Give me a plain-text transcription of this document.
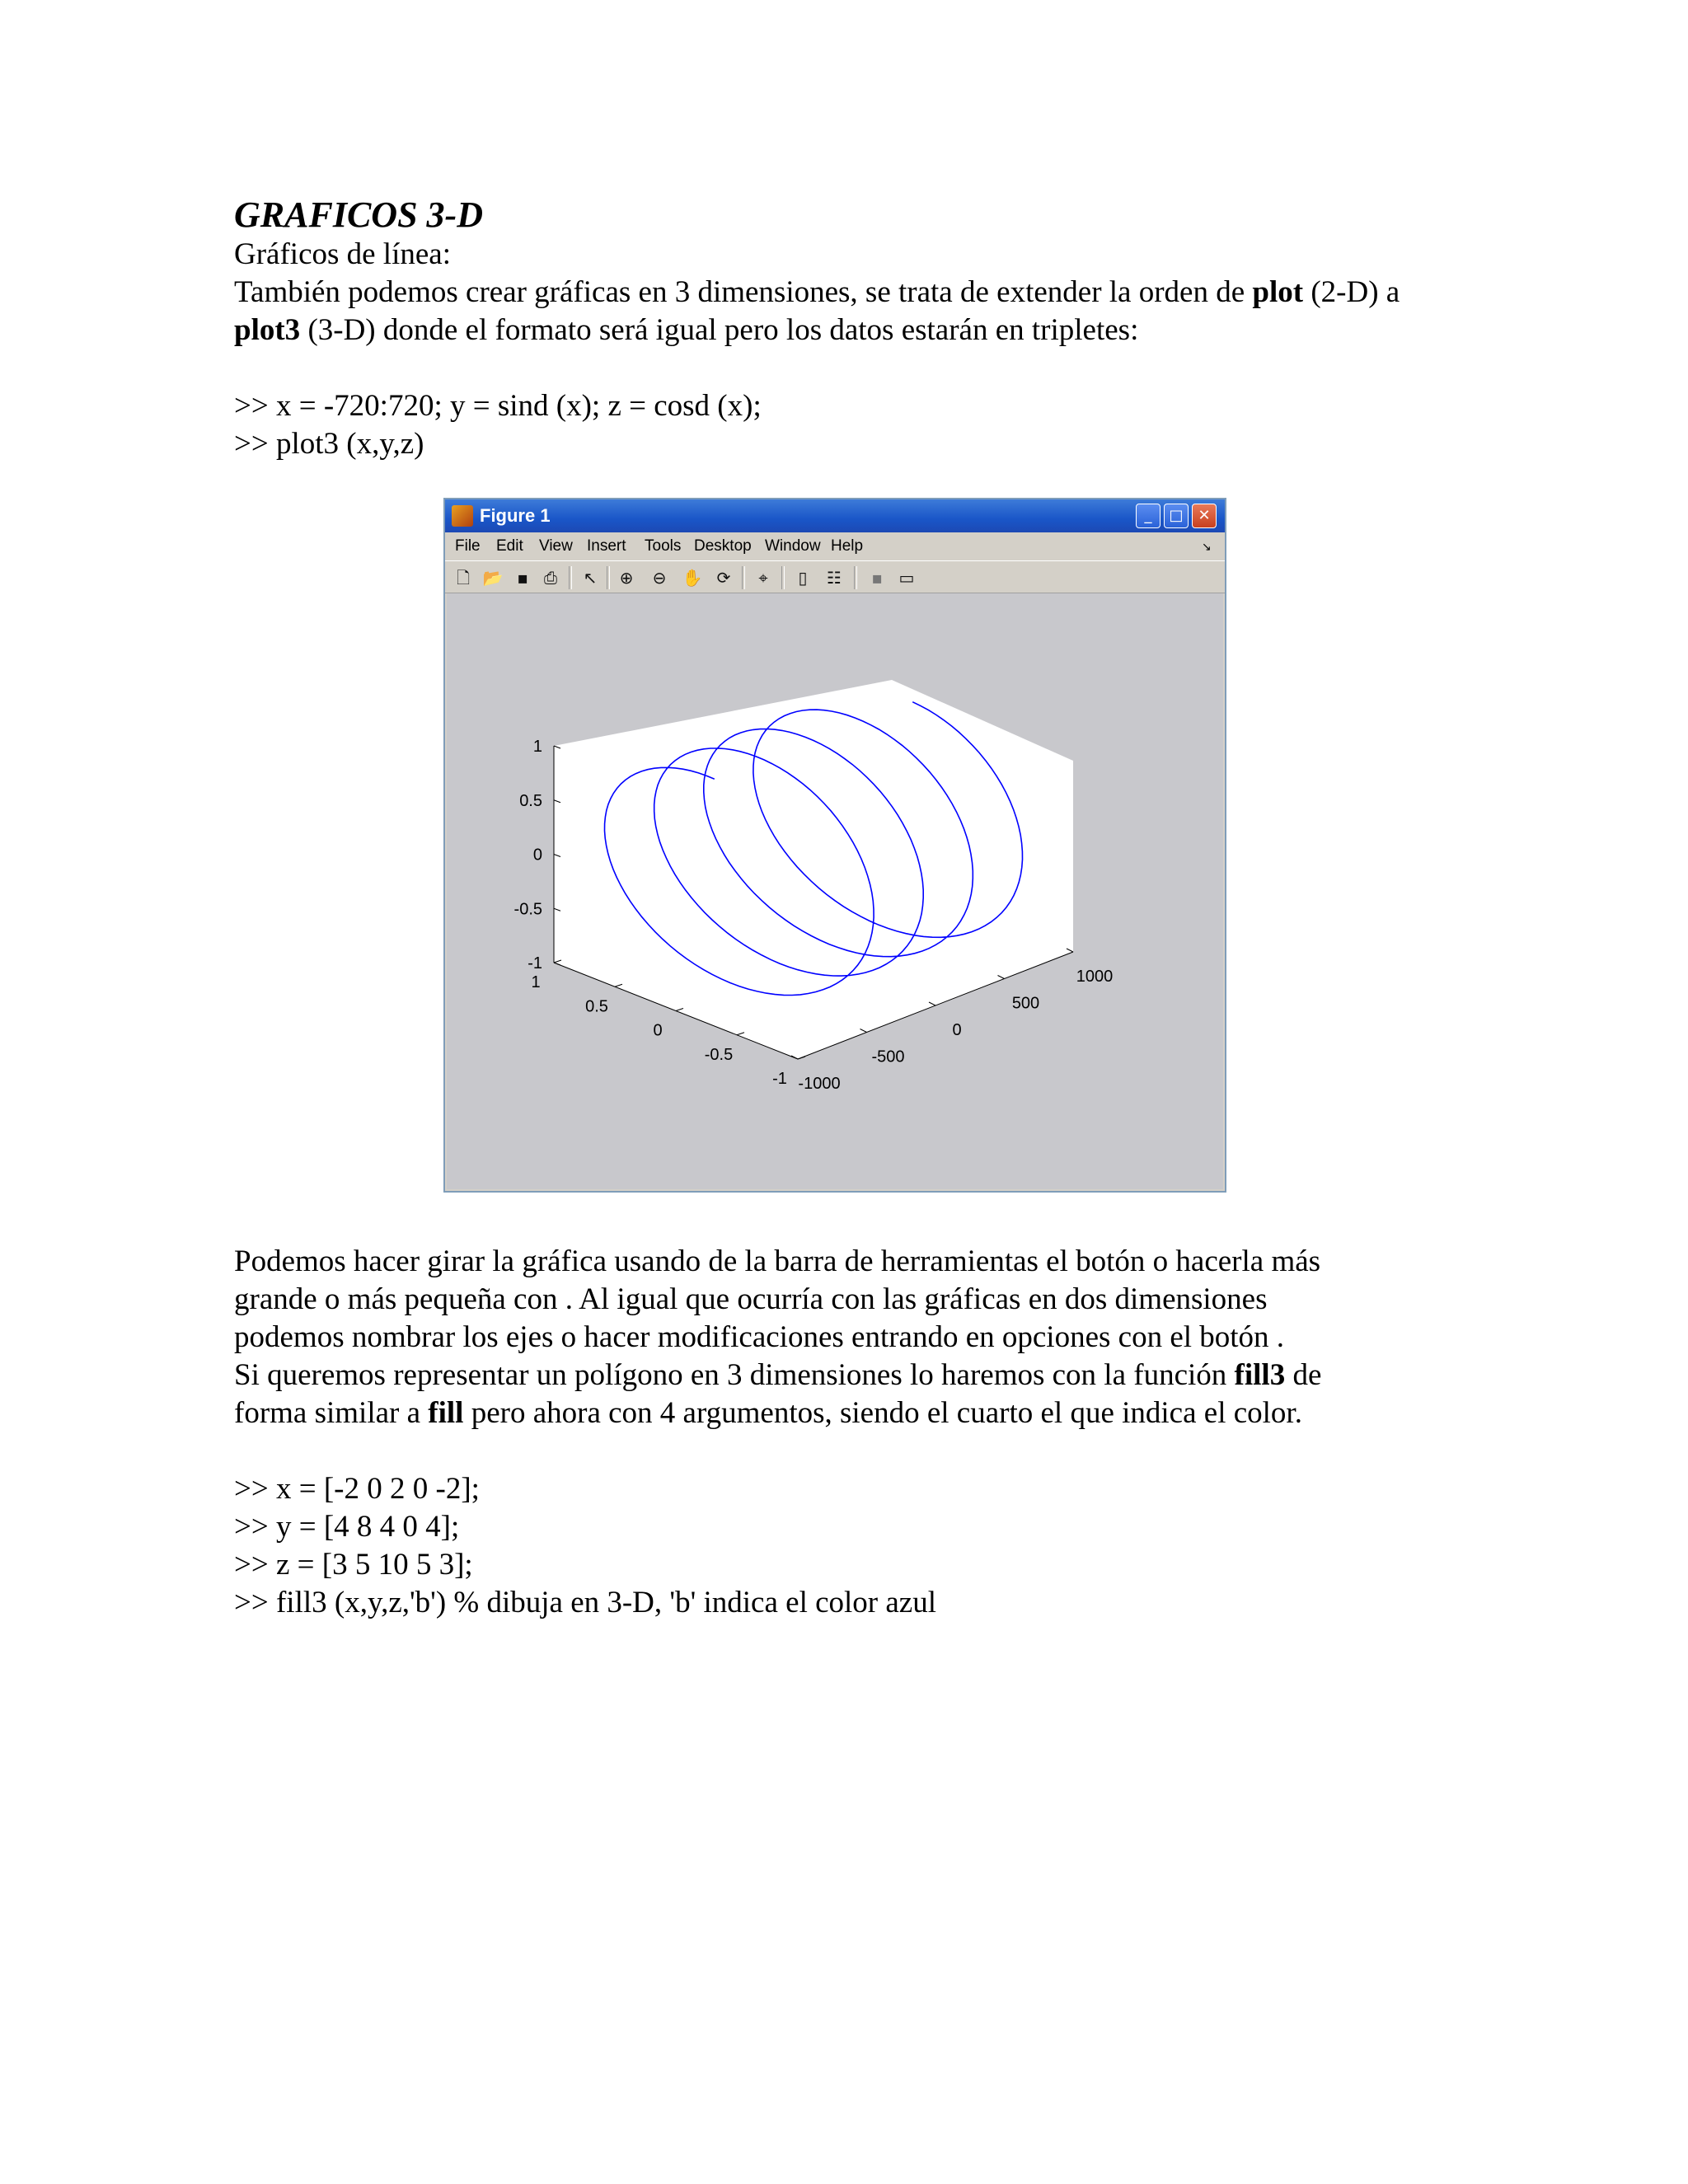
GRAFICOS 3-D

Gráficos de línea:

También podemos crear gráficas en 3 dimensiones, se trata de extender la orden de plot (2-D) a plot3 (3-D) donde el formato será igual pero los datos estarán en tripletes:

>> x = -720:720; y = sind (x); z = cosd (x);

>> plot3 (x,y,z)

Figure 1	_	□ ✕
File Edit View Insert Tools Desktop Window Help	↘
🗋 📂 ▪ ⎙	↖ ⊕ ⊖ ✋ ⟳	⌖	▯	☷	▪ ▭
1
0.5
0
-0.5
-1
1
0.5
0
-0.5
-1 -1000
-500
0
500
1000

Podemos hacer girar la gráfica usando de la barra de herramientas el botón o hacerla más

grande o más pequeña con . Al igual que ocurría con las gráficas en dos dimensiones

podemos nombrar los ejes o hacer modificaciones entrando en opciones con el botón .

Si queremos representar un polígono en 3 dimensiones lo haremos con la función fill3 de

forma similar a fill pero ahora con 4 argumentos, siendo el cuarto el que indica el color.

>> x = [-2 0 2 0 -2];

>> y = [4 8 4 0 4];

>> z = [3 5 10 5 3];

>> fill3 (x,y,z,'b') % dibuja en 3-D, 'b' indica el color azul
